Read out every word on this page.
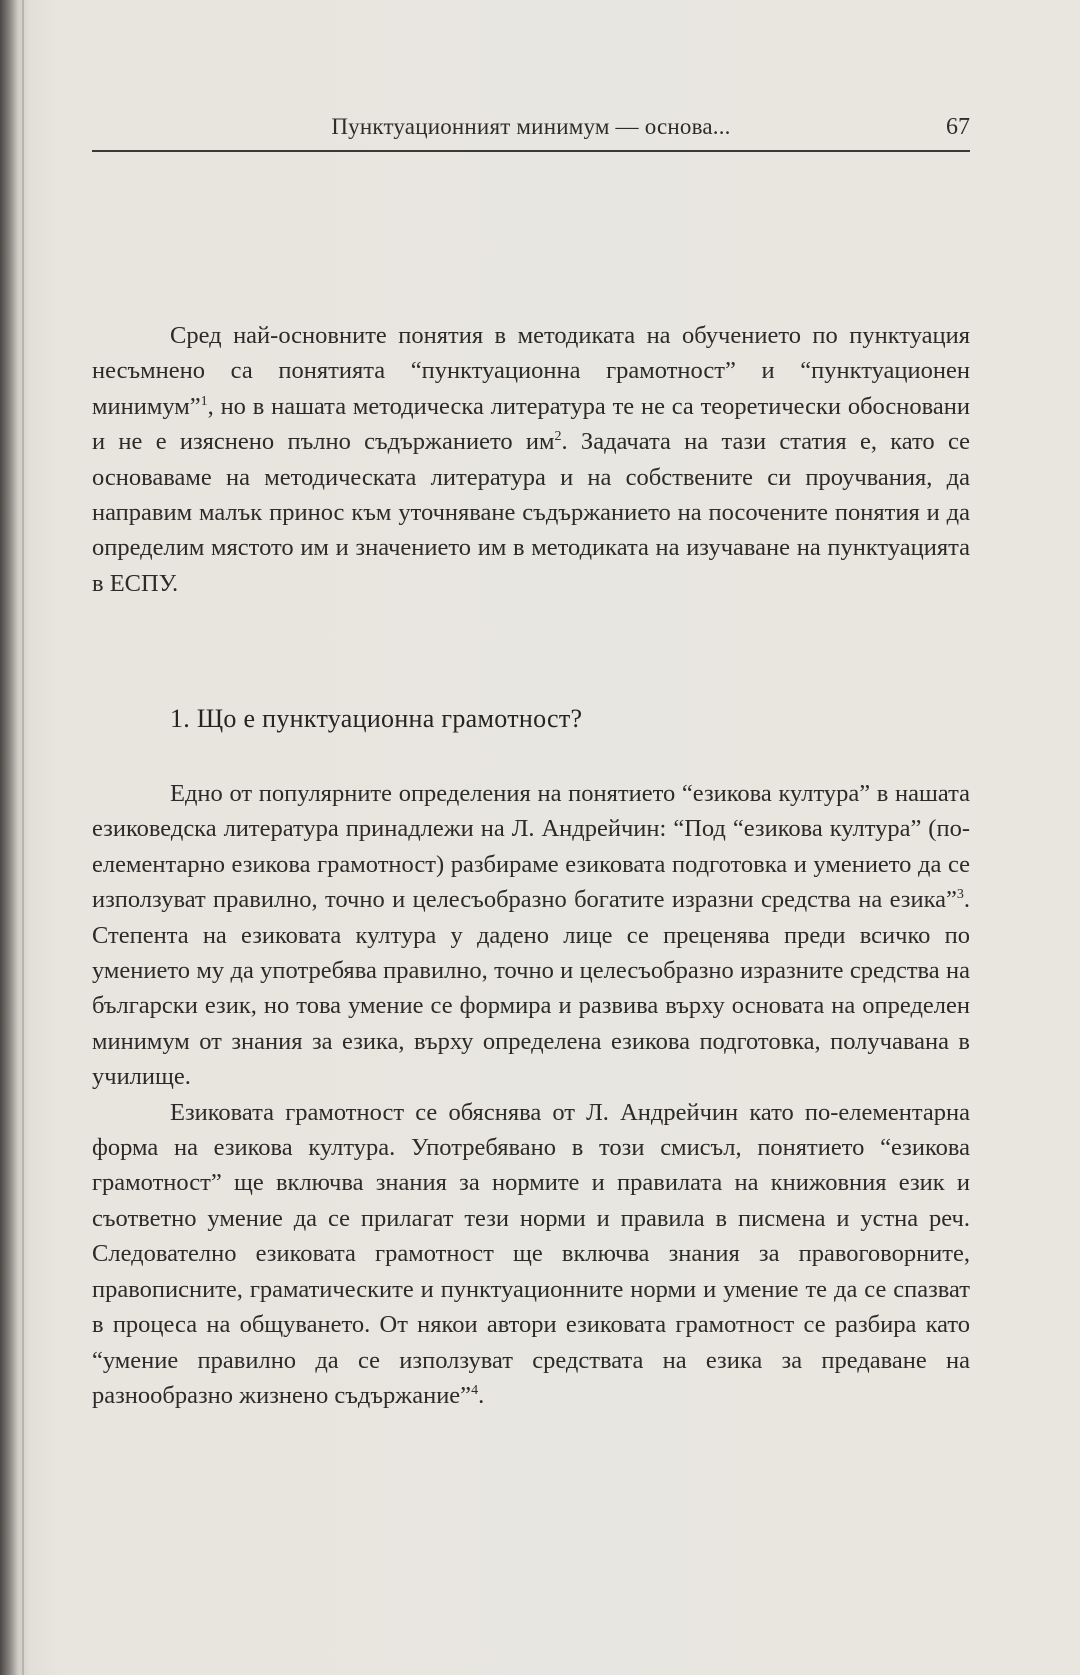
Пунктуационният минимум — основа...	67

Сред най-основните понятия в методиката на обучението по пунктуация несъмнено са понятията “пунктуационна грамотност” и “пунктуационен минимум”$^1$, но в нашата методическа литература те не са теоретически обосновани и не е изяснено пълно съдържанието $им^2$. Задачата на тази статия е, като се основаваме на методическата литература и на собствените си проучвания, да направим малък принос към уточняване съдържанието на посочените понятия и да определим мястото им и значението им в методиката на изучаване на пунктуацията в ЕСПУ.

1. Що е пунктуационна грамотност?

Едно от популярните определения на понятието “езикова култура” в нашата езиковедска литература принадлежи на Л. Андрейчин: “Под “езикова култура” (по-елементарно езикова грамотност) разбираме езиковата подготовка и умението да се използуват правилно, точно и целесъобразно богатите изразни средства на езика”$^3$. Степента на езиковата култура у дадено лице се преценява преди всичко по умението му да употребява правилно, точно и целесъобразно изразните средства на български език, но това умение се формира и развива върху основата на определен минимум от знания за езика, върху определена езикова подготовка, получавана в училище.

Езиковата грамотност се обяснява от Л. Андрейчин като по-елементарна форма на езикова култура. Употребявано в този смисъл, понятието “езикова грамотност” ще включва знания за нормите и правилата на книжовния език и съответно умение да се прилагат тези норми и правила в писмена и устна реч. Следователно езиковата грамотност ще включва знания за правоговорните, правописните, граматическите и пунктуационните норми и умение те да се спазват в процеса на общуването. От някои автори езиковата грамотност се разбира като “умение правилно да се използуват средствата на езика за предаване на разнообразно жизнено съдържание”$^4$.
